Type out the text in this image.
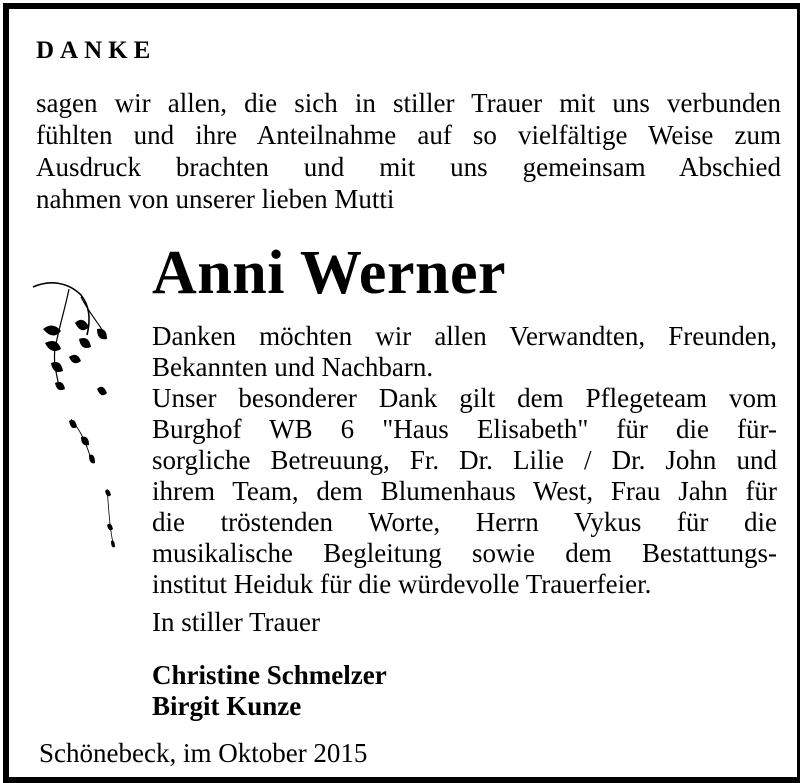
DANKE

sagen wir allen, die sich in stiller Trauer mit uns verbunden
fühlten und ihre Anteilnahme auf so vielfältige Weise zum
Ausdruck brachten und mit uns gemeinsam Abschied
nahmen von unserer lieben Mutti

Anni Werner

Danken möchten wir allen Verwandten, Freunden,
Bekannten und Nachbarn.
Unser besonderer Dank gilt dem Pflegeteam vom
Burghof WB 6 "Haus Elisabeth" für die für-
sorgliche Betreuung, Fr. Dr. Lilie / Dr. John und
ihrem Team, dem Blumenhaus West, Frau Jahn für
die tröstenden Worte, Herrn Vykus für die
musikalische Begleitung sowie dem Bestattungs-
institut Heiduk für die würdevolle Trauerfeier.

In stiller Trauer

Christine Schmelzer
Birgit Kunze

Schönebeck, im Oktober 2015
